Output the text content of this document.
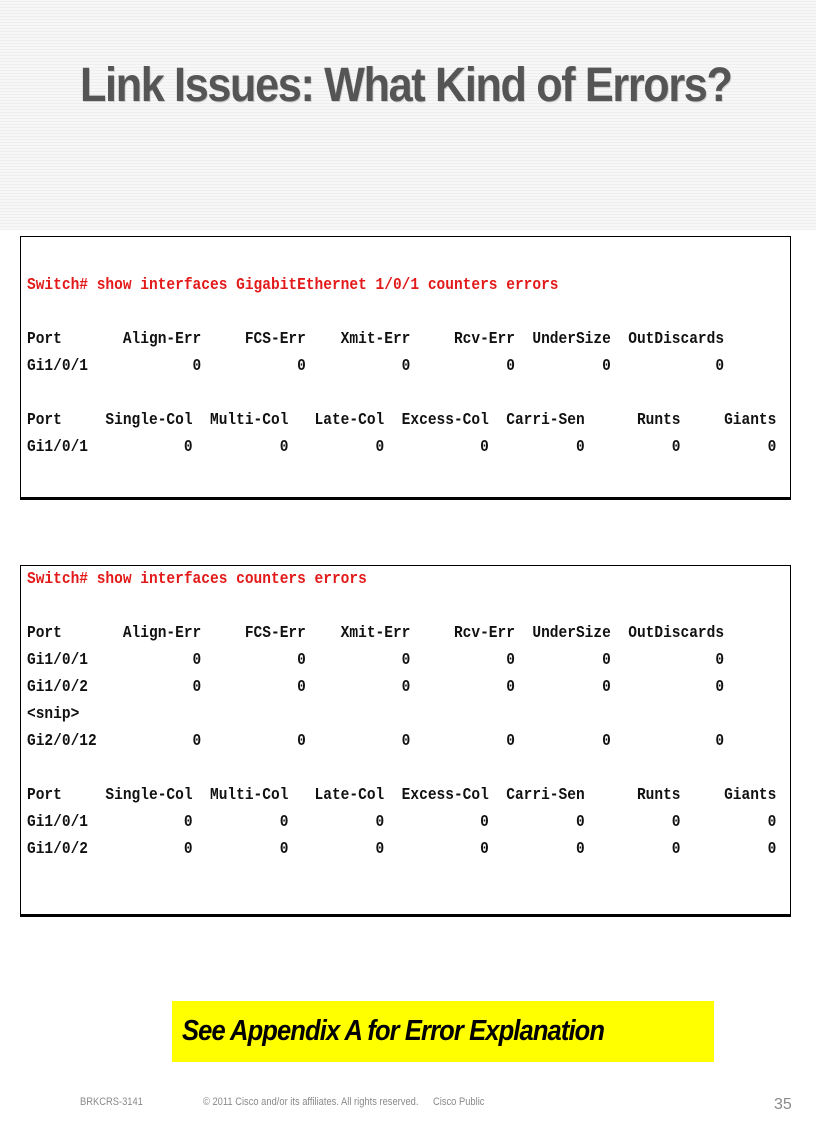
Link Issues: What Kind of Errors?
Switch# show interfaces GigabitEthernet 1/0/1 counters errors

Port       Align-Err     FCS-Err    Xmit-Err     Rcv-Err  UnderSize  OutDiscards
Gi1/0/1            0           0           0           0          0            0

Port     Single-Col  Multi-Col   Late-Col  Excess-Col  Carri-Sen      Runts     Giants
Gi1/0/1           0          0          0           0          0          0          0
Switch# show interfaces counters errors

Port       Align-Err     FCS-Err    Xmit-Err     Rcv-Err  UnderSize  OutDiscards
Gi1/0/1            0           0           0           0          0            0
Gi1/0/2            0           0           0           0          0            0
<snip>
Gi2/0/12           0           0           0           0          0            0

Port     Single-Col  Multi-Col   Late-Col  Excess-Col  Carri-Sen      Runts     Giants
Gi1/0/1           0          0          0           0          0          0          0
Gi1/0/2           0          0          0           0          0          0          0
See Appendix A for Error Explanation
BRKCRS-3141	© 2011 Cisco and/or its affiliates. All rights reserved. Cisco Public	35
